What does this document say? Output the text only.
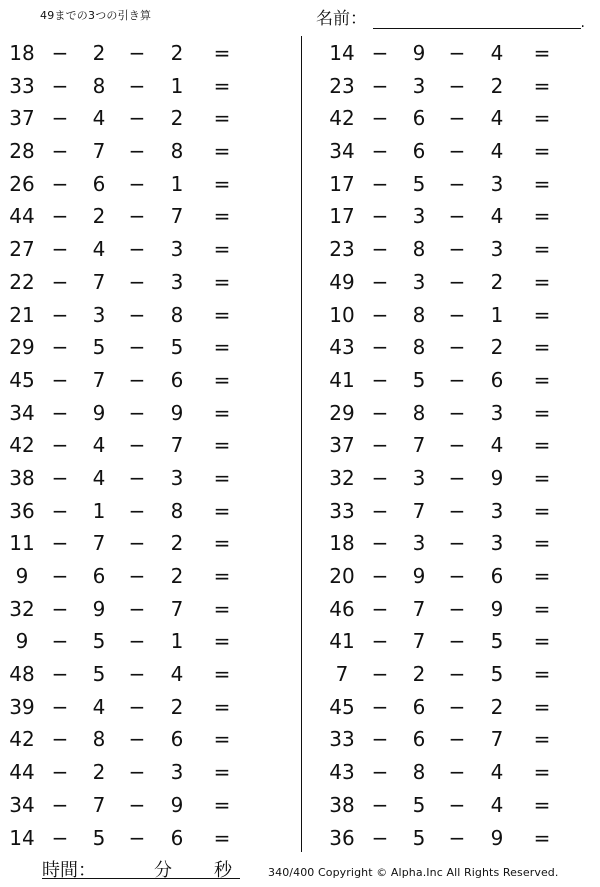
49までの3つの引き算	名前：	.
18 −	2	−	2	=
33 −	8	−	1	=
37 −	4	−	2	=
28 −	7	−	8	=
26 −	6	−	1	=
44 −	2	−	7	=
27 −	4	−	3	=
22 −	7	−	3	=
21 −	3	−	8	=
29 −	5	−	5	=
45 −	7	−	6	=
34 −	9	−	9	=
42 −	4	−	7	=
38 −	4	−	3	=
36 −	1	−	8	=
11 −	7	−	2	=
9	−	6	−	2	=
32 −	9	−	7	=
9	−	5	−	1	=
48 −	5	−	4	=
39 −	4	−	2	=
42 −	8	−	6	=
44 −	2	−	3	=
34 −	7	−	9	=
14 −	5	−	6	=
14 −	9	−	4	=
23 −	3	−	2	=
42 −	6	−	4	=
34 −	6	−	4	=
17 −	5	−	3	=
17 −	3	−	4	=
23 −	8	−	3	=
49 −	3	−	2	=
10 −	8	−	1	=
43 −	8	−	2	=
41 −	5	−	6	=
29 −	8	−	3	=
37 −	7	−	4	=
32 −	3	−	9	=
33 −	7	−	3	=
18 −	3	−	3	=
20 −	9	−	6	=
46 −	7	−	9	=
41 −	7	−	5	=
7	−	2	−	5	=
45 −	6	−	2	=
33 −	6	−	7	=
43 −	8	−	4	=
38 −	5	−	4	=
36 −	5	−	9	=
時間：	分 秒	340/400 Copyright © Alpha.Inc All Rights Reserved.
